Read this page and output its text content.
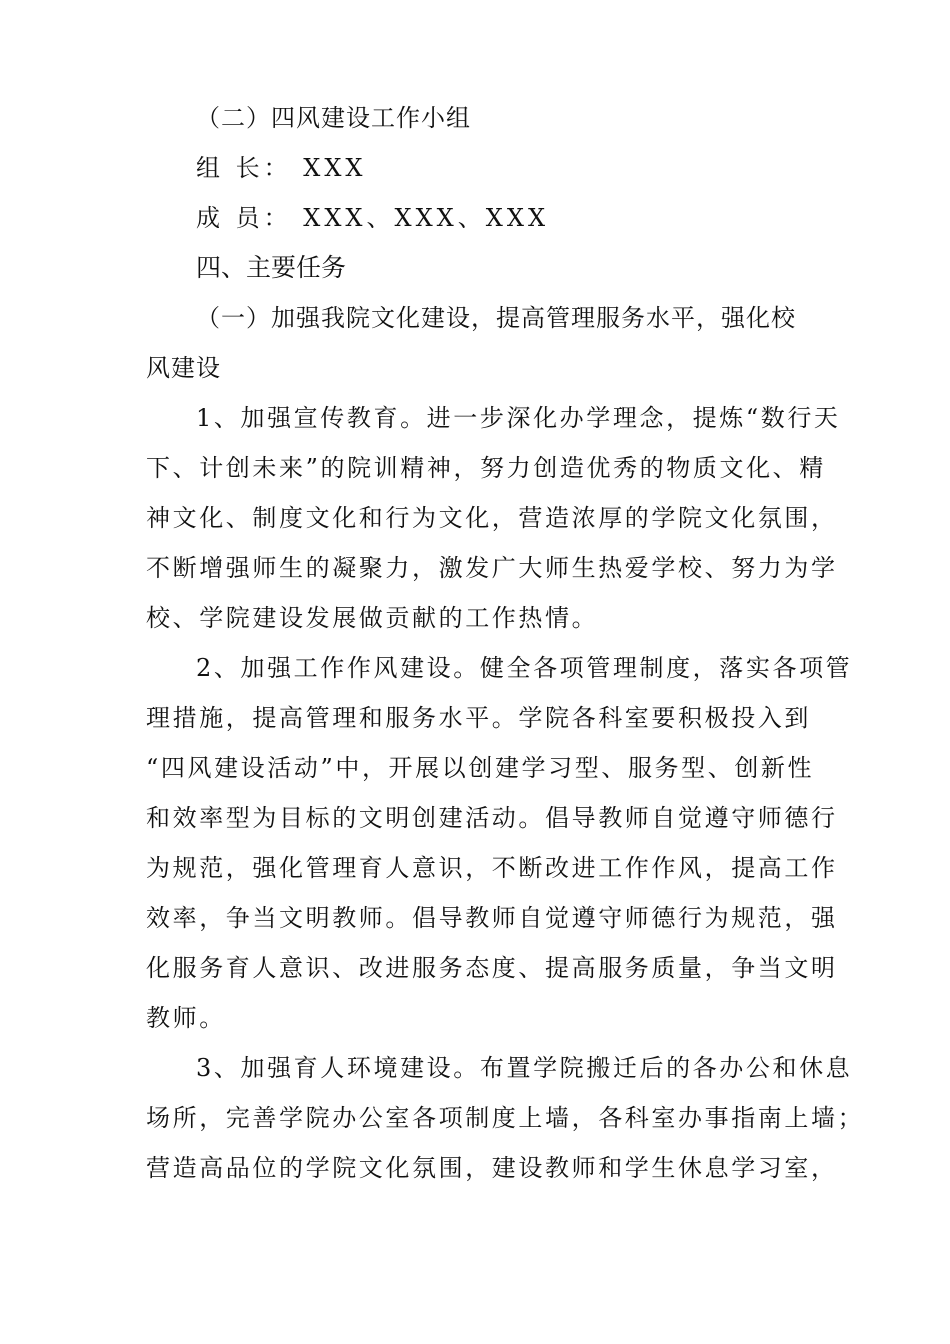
（二）四风建设工作小组
组 长： XXX
成 员： XXX、XXX、XXX
四、主要任务
（一）加强我院文化建设，提高管理服务水平，强化校
风建设
1、加强宣传教育。进一步深化办学理念，提炼“数行天
下、计创未来”的院训精神，努力创造优秀的物质文化、精
神文化、制度文化和行为文化，营造浓厚的学院文化氛围，
不断增强师生的凝聚力，激发广大师生热爱学校、努力为学
校、学院建设发展做贡献的工作热情。
2、加强工作作风建设。健全各项管理制度，落实各项管
理措施，提高管理和服务水平。学院各科室要积极投入到
“四风建设活动”中，开展以创建学习型、服务型、创新性
和效率型为目标的文明创建活动。倡导教师自觉遵守师德行
为规范，强化管理育人意识，不断改进工作作风，提高工作
效率，争当文明教师。倡导教师自觉遵守师德行为规范，强
化服务育人意识、改进服务态度、提高服务质量，争当文明
教师。
3、加强育人环境建设。布置学院搬迁后的各办公和休息
场所，完善学院办公室各项制度上墙，各科室办事指南上墙；
营造高品位的学院文化氛围，建设教师和学生休息学习室，
